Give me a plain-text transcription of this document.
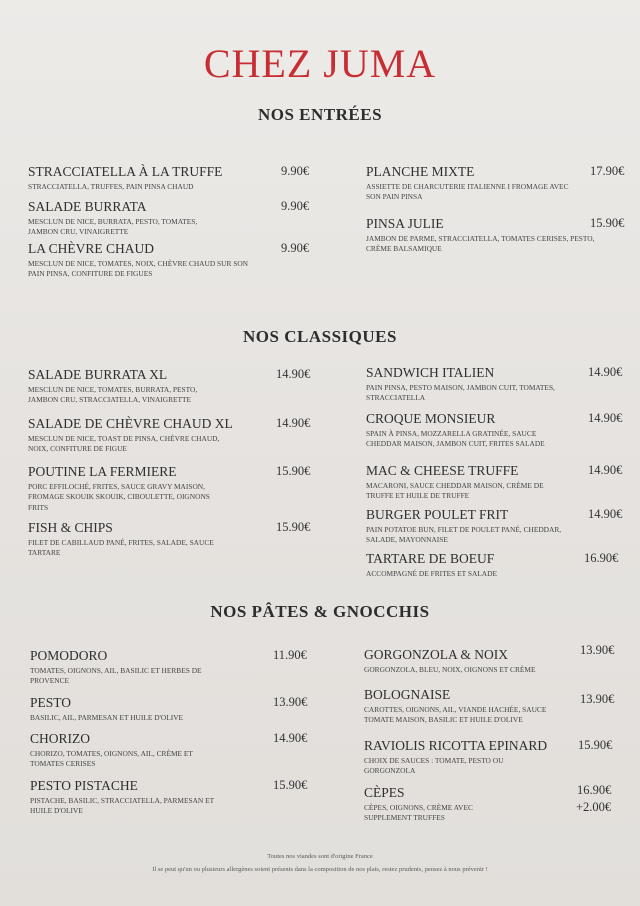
CHEZ JUMA
NOS ENTRÉES
STRACCIATELLA À LA TRUFFE	9.90€
STRACCIATELLA, TRUFFES, PAIN PINSA CHAUD
SALADE BURRATA	9.90€
MESCLUN DE NICE, BURRATA, PESTO, TOMATES, JAMBON CRU, VINAIGRETTE
LA CHÈVRE CHAUD	9.90€
MESCLUN DE NICE, TOMATES, NOIX, CHÈVRE CHAUD SUR SON PAIN PINSA, CONFITURE DE FIGUES
PLANCHE MIXTE	17.90€
ASSIETTE DE CHARCUTERIE ITALIENNE I FROMAGE AVEC SON PAIN PINSA
PINSA JULIE	15.90€
JAMBON DE PARME, STRACCIATELLA, TOMATES CERISES, PESTO, CRÈME BALSAMIQUE
NOS CLASSIQUES
SALADE BURRATA XL	14.90€
MESCLUN DE NICE, TOMATES, BURRATA, PESTO, JAMBON CRU, STRACCIATELLA, VINAIGRETTE
SALADE DE CHÈVRE CHAUD XL	14.90€
MESCLUN DE NICE, TOAST DE PINSA, CHÈVRE CHAUD, NOIX, CONFITURE DE FIGUE
POUTINE LA FERMIERE	15.90€
PORC EFFILOCHÉ, FRITES, SAUCE GRAVY MAISON, FROMAGE SKOUIK SKOUIK, CIBOULETTE, OIGNONS FRITS
FISH & CHIPS	15.90€
FILET DE CABILLAUD PANÉ, FRITES, SALADE, SAUCE TARTARE
SANDWICH ITALIEN	14.90€
PAIN PINSA, PESTO MAISON, JAMBON CUIT, TOMATES, STRACCIATELLA
CROQUE MONSIEUR	14.90€
SPAIN À PINSA, MOZZARELLA GRATINÉE, SAUCE CHEDDAR MAISON, JAMBON CUIT, FRITES SALADE
MAC & CHEESE TRUFFE	14.90€
MACARONI, SAUCE CHEDDAR MAISON, CRÈME DE TRUFFE ET HUILE DE TRUFFE
BURGER POULET FRIT	14.90€
PAIN POTATOE BUN, FILET DE POULET PANÉ, CHEDDAR, SALADE, MAYONNAISE
TARTARE DE BOEUF	16.90€
ACCOMPAGNÉ DE FRITES ET SALADE
NOS PÂTES & GNOCCHIS
POMODORO	11.90€
TOMATES, OIGNONS, AIL, BASILIC ET HERBES DE PROVENCE
PESTO	13.90€
BASILIC, AIL, PARMESAN ET HUILE D'OLIVE
CHORIZO	14.90€
CHORIZO, TOMATES, OIGNONS, AIL, CRÈME ET TOMATES CERISES
PESTO PISTACHE	15.90€
PISTACHE, BASILIC, STRACCIATELLA, PARMESAN ET HUILE D'OLIVE
GORGONZOLA & NOIX	13.90€
GORGONZOLA, BLEU, NOIX, OIGNONS ET CRÈME
BOLOGNAISE	13.90€
CAROTTES, OIGNONS, AIL, VIANDE HACHÉE, SAUCE TOMATE MAISON, BASILIC ET HUILE D'OLIVE
RAVIOLIS RICOTTA EPINARD	15.90€
CHOIX DE SAUCES : TOMATE, PESTO OU GORGONZOLA
CÈPES	16.90€
+2.00€
CÈPES, OIGNONS, CRÈME AVEC SUPPLEMENT TRUFFES
Toutes nos viandes sont d'origine France
Il se peut qu'un ou plusieurs allergènes soient présents dans la composition de nos plats, restez prudents, pensez à nous prévenir !
